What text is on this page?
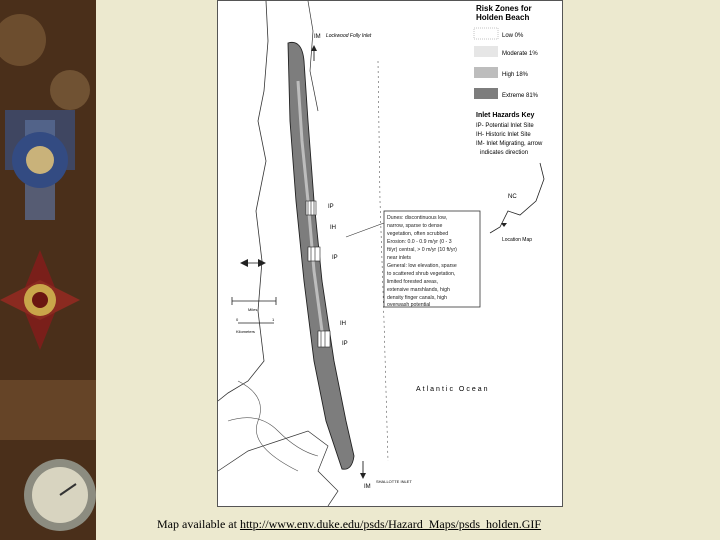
IM Lockwood Folly Inlet
IM
SHALLOTTE INLET
IP
IH
IP
IH
IP
Miles
0	1
Kilometers
Dunes: discontinuous low, narrow, sparse to dense vegetation, often scrubbed Erosion: 0.0 - 0.9 m/yr (0 - 3 ft/yr) central, > 0 m/yr (10 ft/yr) near inlets General: low elevation, sparse to scattered shrub vegetation, limited forested areas, extensive marshlands, high density finger canals, high overwash potential
Atlantic Ocean
NC
Location Map
Risk Zones for
Holden Beach
Low 0%
Moderate 1%
High 18%
Extreme 81%
Inlet Hazards Key
IP- Potential Inlet Site IH- Historic Inlet Site IM- Inlet Migrating, arrow indicates direction
Map available at http://www.env.duke.edu/psds/Hazard_Maps/psds_holden.GIF
